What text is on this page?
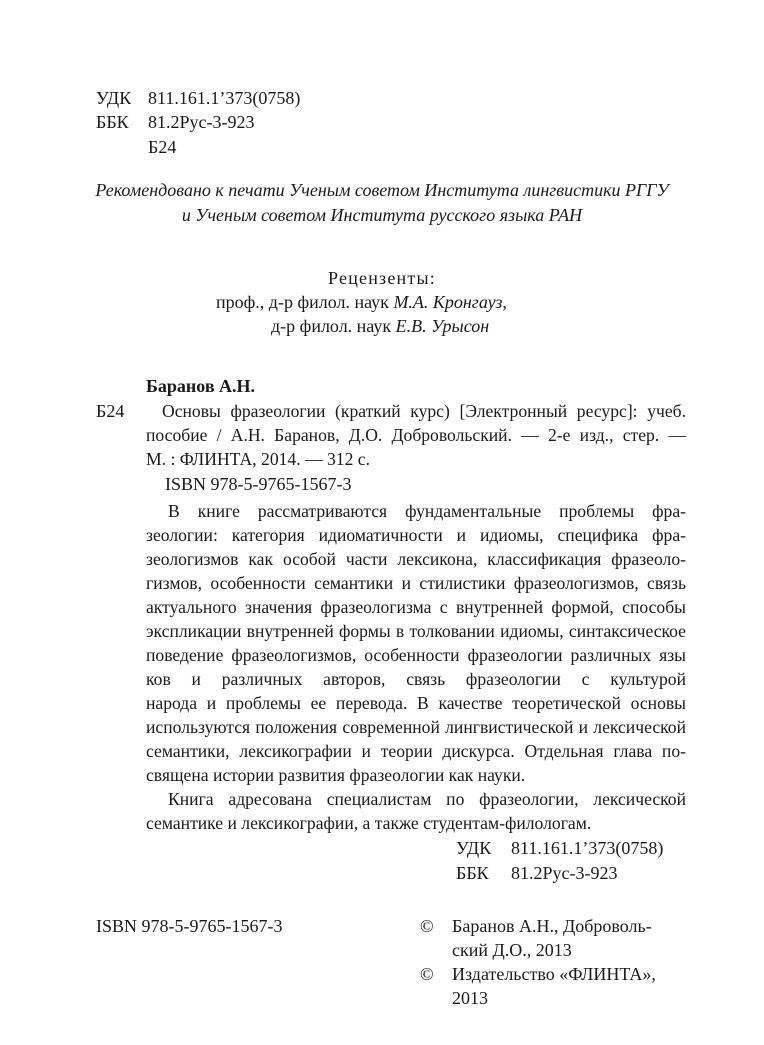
УДК 811.161.1’373(0758)
ББК 81.2Рус-3-923
Б24
Рекомендовано к печати Ученым советом Института лингвистики РГГУ
и Ученым советом Института русского языка РАН
Рецензенты:
проф., д-р филол. наук М.А. Кронгауз,
д-р филол. наук Е.В. Урысон
Баранов А.Н.
Б24 Основы фразеологии (краткий курс) [Электронный ресурс]: учеб.
пособие / А.Н. Баранов, Д.О. Добровольский. — 2-е изд., стер. —
М. : ФЛИНТА, 2014. — 312 с.
ISBN 978-5-9765-1567-3
В книге рассматриваются фундаментальные проблемы фра-
зеологии: категория идиоматичности и идиомы, специфика фра-
зеологизмов как особой части лексикона, классификация фразеоло-
гизмов, особенности семантики и стилистики фразеологизмов, связь
актуального значения фразеологизма с внутренней формой, способы
экспликации внутренней формы в толковании идиомы, синтаксическое
поведение фразеологизмов, особенности фразеологии различных язы
ков и различных авторов, связь фразеологии с культурой
народа и проблемы ее перевода. В качестве теоретической основы
используются положения современной лингвистической и лексической
семантики, лексикографии и теории дискурса. Отдельная глава по-
священа истории развития фразеологии как науки.
Книга адресована специалистам по фразеологии, лексической
семантике и лексикографии, а также студентам-филологам.
УДК 811.161.1’373(0758)
ББК 81.2Рус-3-923
ISBN 978-5-9765-1567-3	© Баранов А.Н., Доброволь-
ский Д.О., 2013
© Издательство «ФЛИНТА»,
2013
